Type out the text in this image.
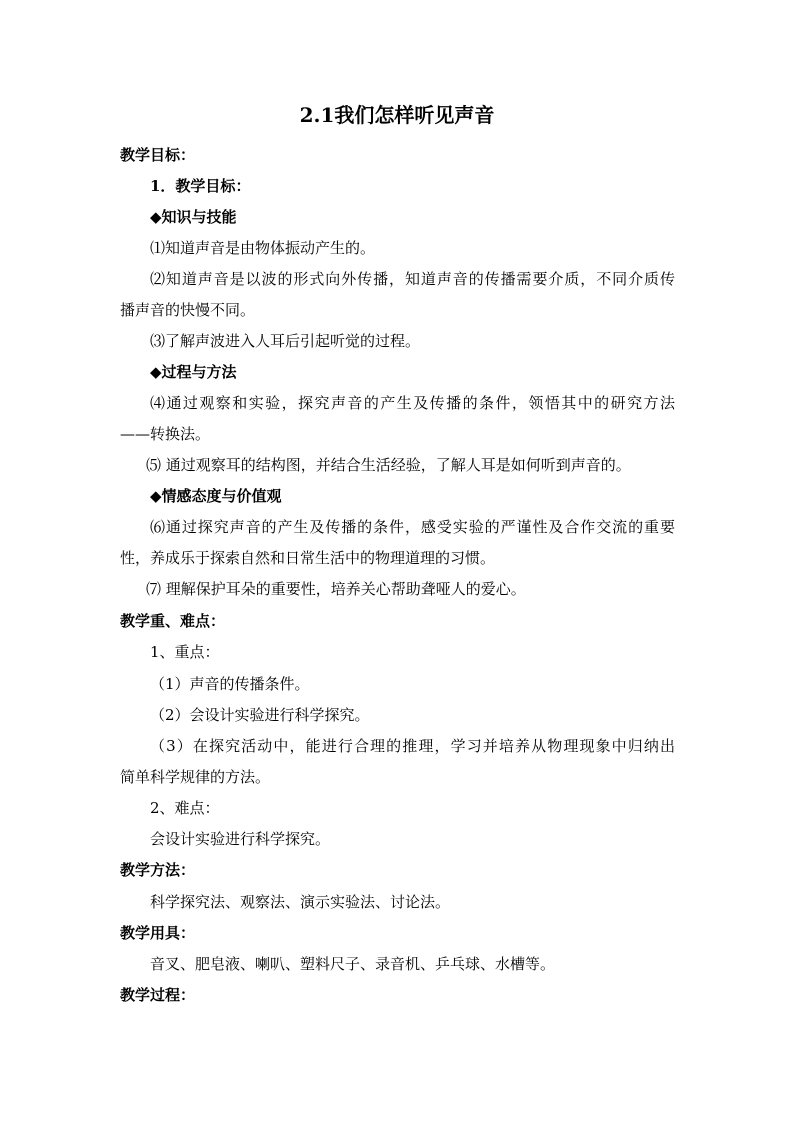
2.1我们怎样听见声音
教学目标：
1．教学目标：
◆知识与技能
⑴知道声音是由物体振动产生的。
⑵知道声音是以波的形式向外传播，知道声音的传播需要介质，不同介质传
播声音的快慢不同。
⑶了解声波进入人耳后引起听觉的过程。
◆过程与方法
⑷通过观察和实验，探究声音的产生及传播的条件，领悟其中的研究方法
——转换法。
⑸ 通过观察耳的结构图，并结合生活经验，了解人耳是如何听到声音的。
◆情感态度与价值观
⑹通过探究声音的产生及传播的条件，感受实验的严谨性及合作交流的重要
性，养成乐于探索自然和日常生活中的物理道理的习惯。
⑺ 理解保护耳朵的重要性，培养关心帮助聋哑人的爱心。
教学重、难点：
1、重点：
（1）声音的传播条件。
（2）会设计实验进行科学探究。
（3）在探究活动中，能进行合理的推理，学习并培养从物理现象中归纳出
简单科学规律的方法。
2、难点：
会设计实验进行科学探究。
教学方法：
科学探究法、观察法、演示实验法、讨论法。
教学用具：
音叉、肥皂液、喇叭、塑料尺子、录音机、乒乓球、水槽等。
教学过程：
